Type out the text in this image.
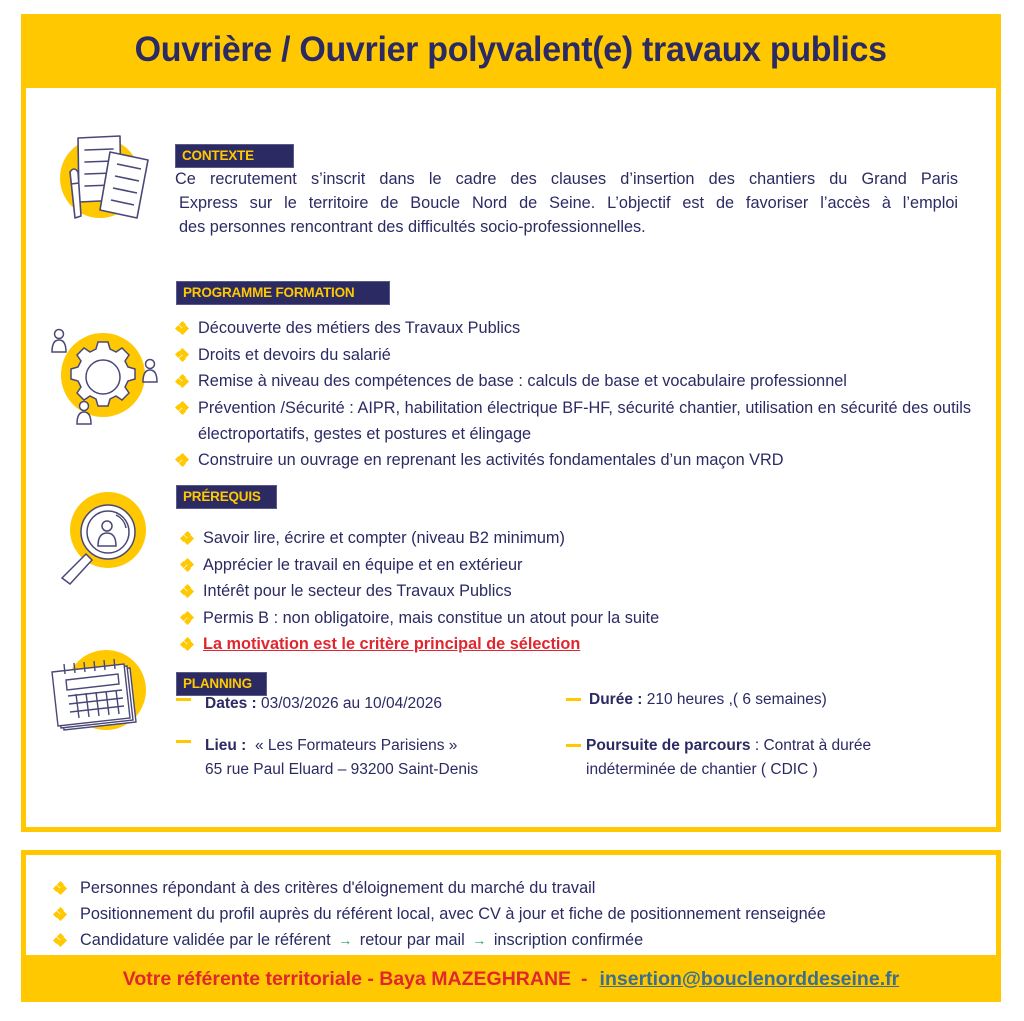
Ouvrière / Ouvrier polyvalent(e) travaux publics
CONTEXTE
Ce recrutement s’inscrit dans le cadre des clauses d’insertion des chantiers du Grand Paris
Express sur le territoire de Boucle Nord de Seine. L’objectif est de favoriser l’accès à l’emploi
des personnes rencontrant des difficultés socio-professionnelles.
PROGRAMME FORMATION
Découverte des métiers des Travaux Publics
Droits et devoirs du salarié
Remise à niveau des compétences de base : calculs de base et vocabulaire professionnel
Prévention /Sécurité : AIPR, habilitation électrique BF-HF, sécurité chantier, utilisation en sécurité des outils électroportatifs, gestes et postures et élingage
Construire un ouvrage en reprenant les activités fondamentales d’un maçon VRD
PRÉREQUIS
Savoir lire, écrire et compter (niveau B2 minimum)
Apprécier le travail en équipe et en extérieur
Intérêt pour le secteur des Travaux Publics
Permis B : non obligatoire, mais constitue un atout pour la suite
La motivation est le critère principal de sélection
PLANNING
Dates : 03/03/2026 au 10/04/2026	Durée : 210 heures ,( 6 semaines)
Lieu : « Les Formateurs Parisiens »
65 rue Paul Eluard – 93200 Saint-Denis
Poursuite de parcours : Contrat à durée
indéterminée de chantier ( CDIC )
Personnes répondant à des critères d'éloignement du marché du travail
Positionnement du profil auprès du référent local, avec CV à jour et fiche de positionnement renseignée
Candidature validée par le référent → retour par mail → inscription confirmée
Votre référente territoriale - Baya MAZEGHRANE - insertion@bouclenorddeseine.fr
